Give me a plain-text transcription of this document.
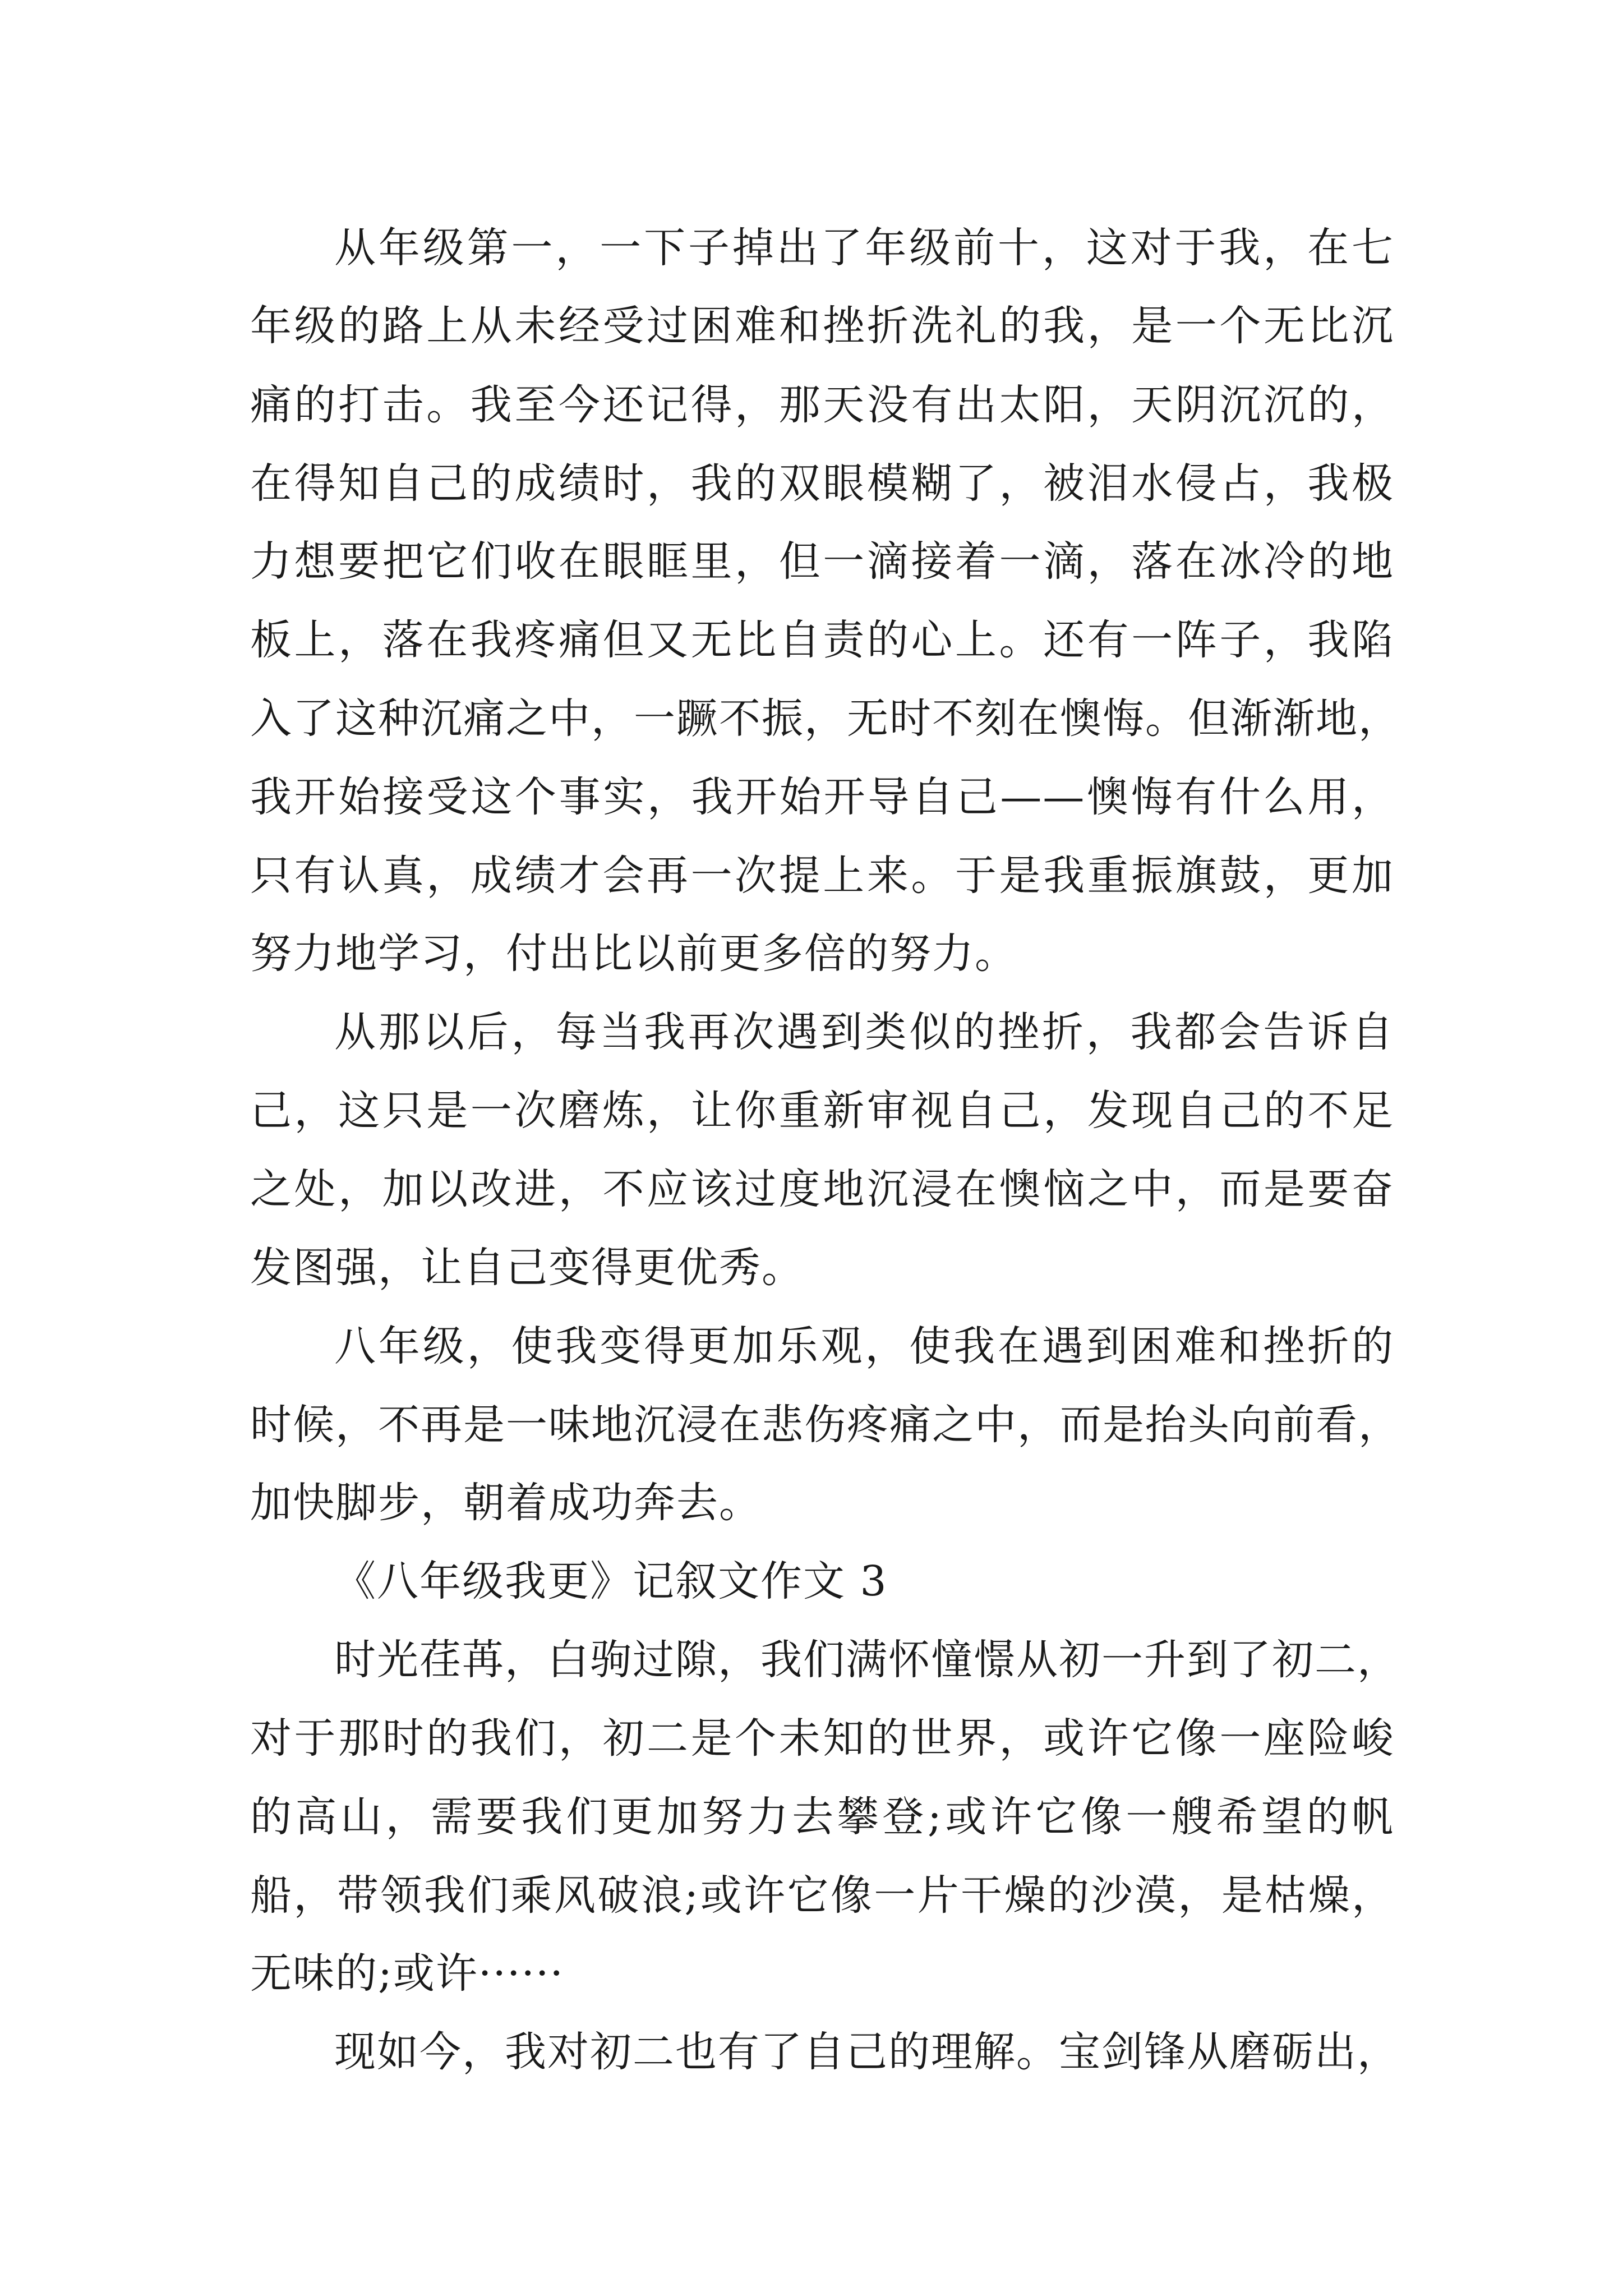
从年级第一，一下子掉出了年级前十，这对于我，在七
年级的路上从未经受过困难和挫折洗礼的我，是一个无比沉
痛的打击。我至今还记得，那天没有出太阳，天阴沉沉的，
在得知自己的成绩时，我的双眼模糊了，被泪水侵占，我极
力想要把它们收在眼眶里，但一滴接着一滴，落在冰冷的地
板上，落在我疼痛但又无比自责的心上。还有一阵子，我陷
入了这种沉痛之中，一蹶不振，无时不刻在懊悔。但渐渐地，
我开始接受这个事实，我开始开导自己——懊悔有什么用，
只有认真，成绩才会再一次提上来。于是我重振旗鼓，更加
努力地学习，付出比以前更多倍的努力。
从那以后，每当我再次遇到类似的挫折，我都会告诉自
己，这只是一次磨炼，让你重新审视自己，发现自己的不足
之处，加以改进，不应该过度地沉浸在懊恼之中，而是要奋
发图强，让自己变得更优秀。
八年级，使我变得更加乐观，使我在遇到困难和挫折的
时候，不再是一味地沉浸在悲伤疼痛之中，而是抬头向前看，
加快脚步，朝着成功奔去。
《八年级我更》记叙文作文 3
时光荏苒，白驹过隙，我们满怀憧憬从初一升到了初二，
对于那时的我们，初二是个未知的世界，或许它像一座险峻
的高山，需要我们更加努力去攀登;或许它像一艘希望的帆
船，带领我们乘风破浪;或许它像一片干燥的沙漠，是枯燥，
无味的;或许······
现如今，我对初二也有了自己的理解。宝剑锋从磨砺出，
